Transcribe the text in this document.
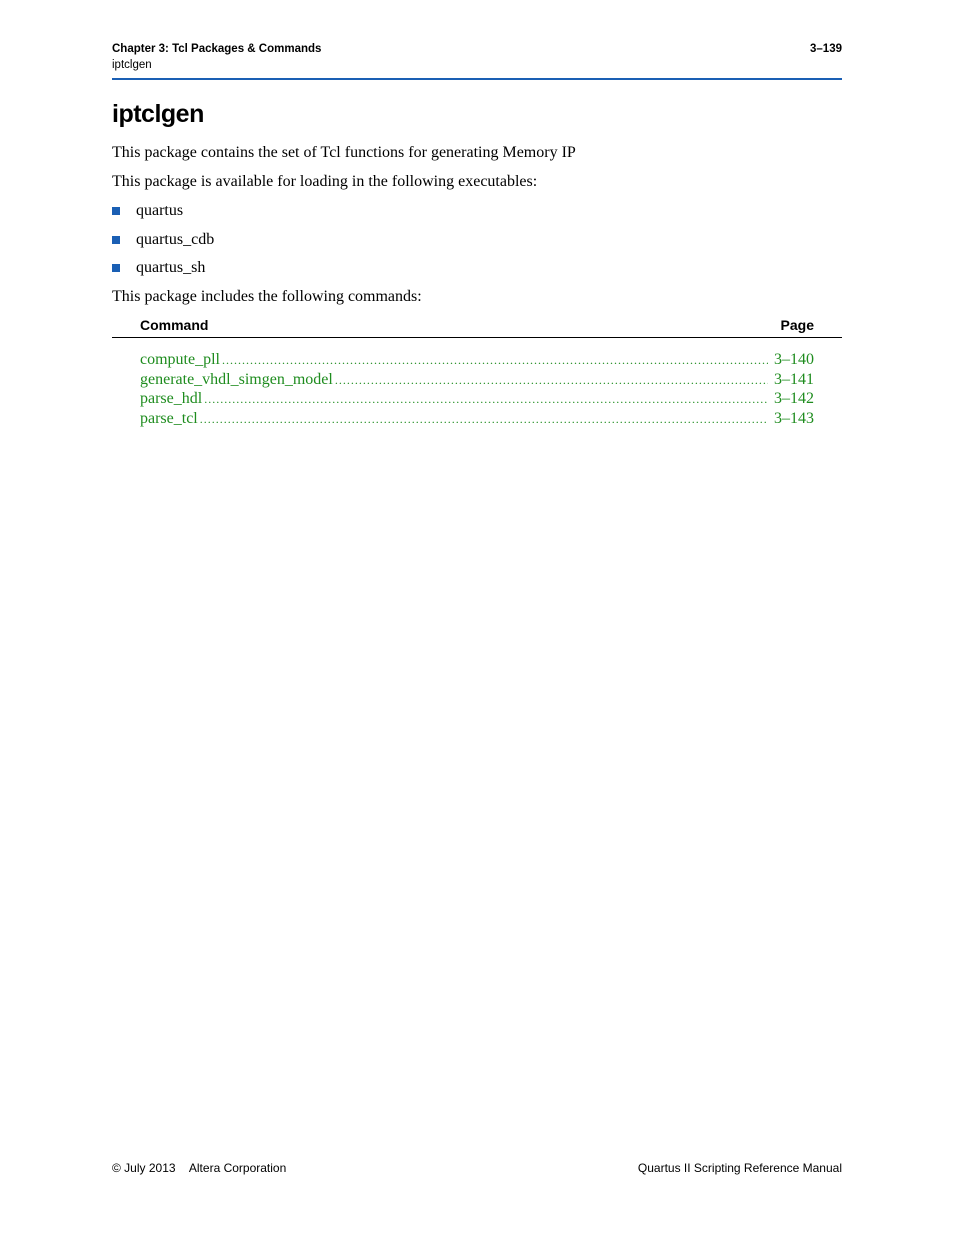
Chapter 3: Tcl Packages & Commands	3–139
iptclgen
iptclgen

This package contains the set of Tcl functions for generating Memory IP

This package is available for loading in the following executables:

quartus
quartus_cdb
quartus_sh

This package includes the following commands:

Command	Page
compute_pll .....	3–140
generate_vhdl_simgen_model .....	3–141
parse_hdl .....	3–142
parse_tcl .....	3–143
© July 2013 Altera Corporation	Quartus II Scripting Reference Manual
